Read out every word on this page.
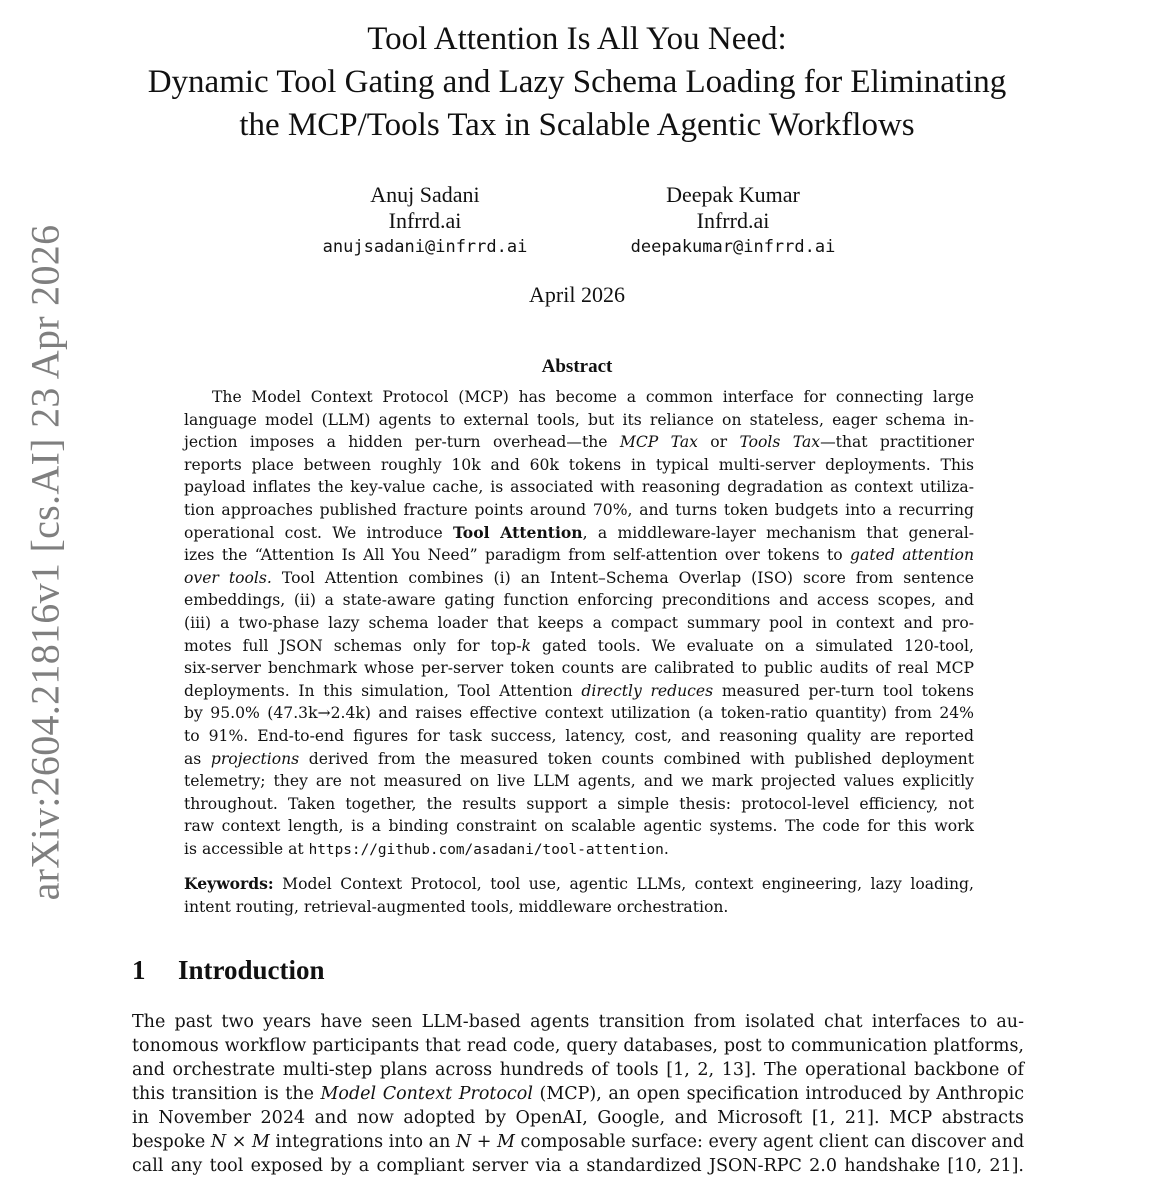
arXiv:2604.21816v1 [cs.AI] 23 Apr 2026
Tool Attention Is All You Need:
Dynamic Tool Gating and Lazy Schema Loading for Eliminating
the MCP/Tools Tax in Scalable Agentic Workflows
Anuj Sadani
Infrrd.ai
anujsadani@infrrd.ai
Deepak Kumar
Infrrd.ai
deepakumar@infrrd.ai
April 2026
Abstract
The Model Context Protocol (MCP) has become a common interface for connecting large
language model (LLM) agents to external tools, but its reliance on stateless, eager schema in-
jection imposes a hidden per-turn overhead—the MCP Tax or Tools Tax—that practitioner
reports place between roughly 10k and 60k tokens in typical multi-server deployments. This
payload inflates the key-value cache, is associated with reasoning degradation as context utiliza-
tion approaches published fracture points around 70%, and turns token budgets into a recurring
operational cost. We introduce Tool Attention, a middleware-layer mechanism that general-
izes the “Attention Is All You Need” paradigm from self-attention over tokens to gated attention
over tools. Tool Attention combines (i) an Intent–Schema Overlap (ISO) score from sentence
embeddings, (ii) a state-aware gating function enforcing preconditions and access scopes, and
(iii) a two-phase lazy schema loader that keeps a compact summary pool in context and pro-
motes full JSON schemas only for top-k gated tools. We evaluate on a simulated 120-tool,
six-server benchmark whose per-server token counts are calibrated to public audits of real MCP
deployments. In this simulation, Tool Attention directly reduces measured per-turn tool tokens
by 95.0% (47.3k→2.4k) and raises effective context utilization (a token-ratio quantity) from 24%
to 91%. End-to-end figures for task success, latency, cost, and reasoning quality are reported
as projections derived from the measured token counts combined with published deployment
telemetry; they are not measured on live LLM agents, and we mark projected values explicitly
throughout. Taken together, the results support a simple thesis: protocol-level efficiency, not
raw context length, is a binding constraint on scalable agentic systems. The code for this work
is accessible at https://github.com/asadani/tool-attention.
Keywords: Model Context Protocol, tool use, agentic LLMs, context engineering, lazy loading,
intent routing, retrieval-augmented tools, middleware orchestration.
1 Introduction
The past two years have seen LLM-based agents transition from isolated chat interfaces to au-
tonomous workflow participants that read code, query databases, post to communication platforms,
and orchestrate multi-step plans across hundreds of tools [1, 2, 13]. The operational backbone of
this transition is the Model Context Protocol (MCP), an open specification introduced by Anthropic
in November 2024 and now adopted by OpenAI, Google, and Microsoft [1, 21]. MCP abstracts
bespoke N × M integrations into an N + M composable surface: every agent client can discover and
call any tool exposed by a compliant server via a standardized JSON-RPC 2.0 handshake [10, 21].
